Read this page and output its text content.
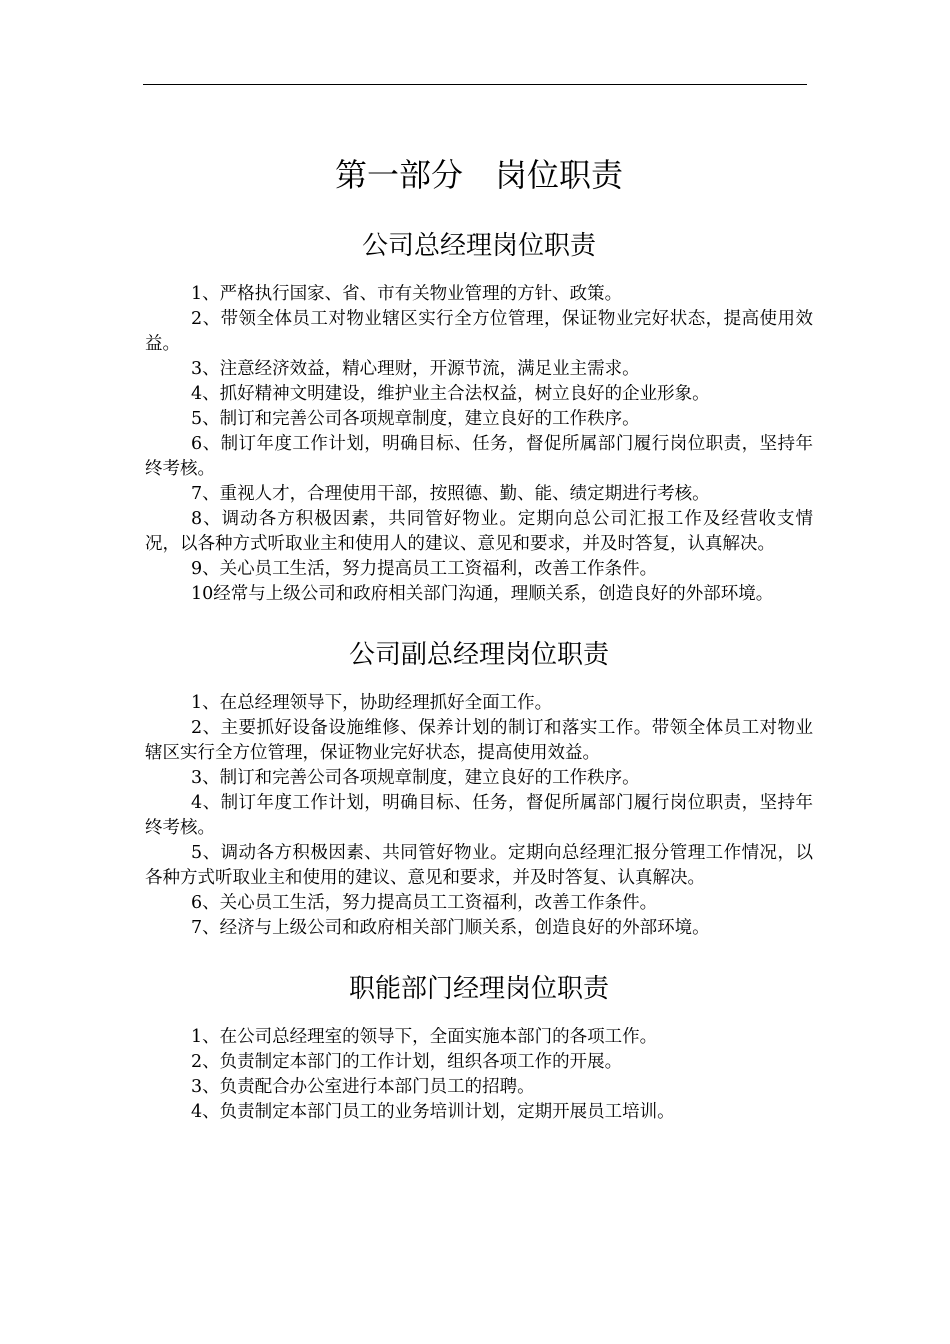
第一部分　岗位职责
公司总经理岗位职责

1、严格执行国家、省、市有关物业管理的方针、政策。

2、带领全体员工对物业辖区实行全方位管理，保证物业完好状态，提高使用效益。

3、注意经济效益，精心理财，开源节流，满足业主需求。

4、抓好精神文明建设，维护业主合法权益，树立良好的企业形象。

5、制订和完善公司各项规章制度，建立良好的工作秩序。

6、制订年度工作计划，明确目标、任务，督促所属部门履行岗位职责，坚持年终考核。

7、重视人才，合理使用干部，按照德、勤、能、绩定期进行考核。

8、调动各方积极因素，共同管好物业。定期向总公司汇报工作及经营收支情况，以各种方式听取业主和使用人的建议、意见和要求，并及时答复，认真解决。

9、关心员工生活，努力提高员工工资福利，改善工作条件。

10经常与上级公司和政府相关部门沟通，理顺关系，创造良好的外部环境。

公司副总经理岗位职责

1、在总经理领导下，协助经理抓好全面工作。

2、主要抓好设备设施维修、保养计划的制订和落实工作。带领全体员工对物业辖区实行全方位管理，保证物业完好状态，提高使用效益。

3、制订和完善公司各项规章制度，建立良好的工作秩序。

4、制订年度工作计划，明确目标、任务，督促所属部门履行岗位职责，坚持年终考核。

5、调动各方积极因素、共同管好物业。定期向总经理汇报分管理工作情况，以各种方式听取业主和使用的建议、意见和要求，并及时答复、认真解决。

6、关心员工生活，努力提高员工工资福利，改善工作条件。

7、经济与上级公司和政府相关部门顺关系，创造良好的外部环境。

职能部门经理岗位职责

1、在公司总经理室的领导下，全面实施本部门的各项工作。

2、负责制定本部门的工作计划，组织各项工作的开展。

3、负责配合办公室进行本部门员工的招聘。

4、负责制定本部门员工的业务培训计划，定期开展员工培训。
